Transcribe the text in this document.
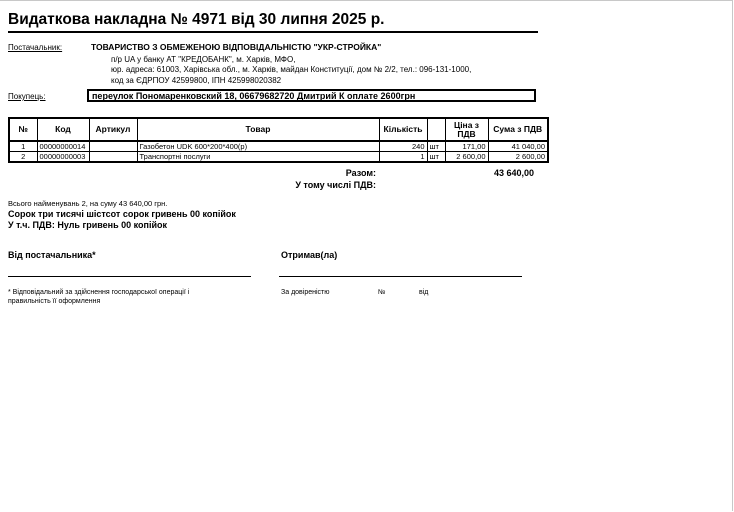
Видаткова накладна № 4971 від 30 липня 2025 р.
Постачальник:	ТОВАРИСТВО З ОБМЕЖЕНОЮ ВІДПОВІДАЛЬНІСТЮ "УКР-СТРОЙКА"
п/р UA у банку АТ "КРЕДОБАНК", м. Харків, МФО,
юр. адреса: 61003, Харівська обл., м. Харків, майдан Конституції, дом № 2/2, тел.: 096-131-1000,
код за ЄДРПОУ 42599800, ІПН 425998020382
Покупець:	переулок Пономаренковский 18, 06679682720 Дмитрий К оплате 2600грн
№	Код	Артикул	Товар	Кількість		Ціна з ПДВ	Сума з ПДВ
1	00000000014		Газобетон UDK 600*200*400(р)	240	шт	171,00	41 040,00
2	00000000003		Транспортні послуги	1	шт	2 600,00	2 600,00
Разом:	43 640,00
У тому числі ПДВ:
Всього найменувань 2, на суму 43 640,00 грн.
Сорок три тисячі шістсот сорок гривень 00 копійок
У т.ч. ПДВ: Нуль гривень 00 копійок
Від постачальника*	Отримав(ла)
* Відповідальний за здійснення господарської операції і
правильність її оформлення
За довіреністю	№	від
